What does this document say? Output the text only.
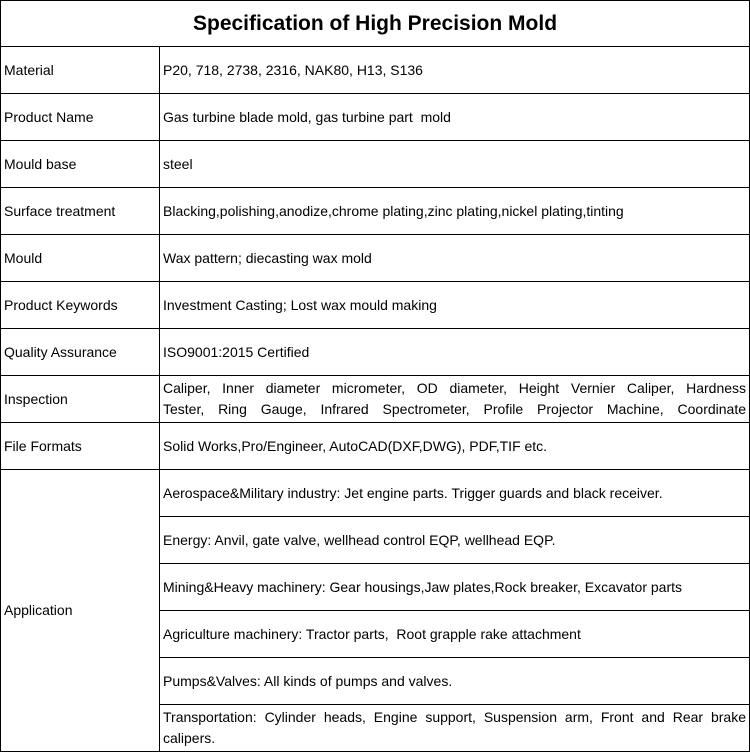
Specification of High Precision Mold	
Material	P20, 718, 2738, 2316, NAK80, H13, S136
Product Name	Gas turbine blade mold, gas turbine part  mold
Mould base	steel
Surface treatment	Blacking,polishing,anodize,chrome plating,zinc plating,nickel plating,tinting
Mould	Wax pattern; diecasting wax mold
Product Keywords	Investment Casting; Lost wax mould making
Quality Assurance	ISO9001:2015 Certified
Inspection	Caliper, Inner diameter micrometer, OD diameter, Height Vernier Caliper, Hardness
Tester, Ring Gauge, Infrared Spectrometer, Profile Projector Machine, Coordinate

File Formats	Solid Works,Pro/Engineer, AutoCAD(DXF,DWG), PDF,TIF etc.
Application	Aerospace&Military industry: Jet engine parts. Trigger guards and black receiver.
	Energy: Anvil, gate valve, wellhead control EQP, wellhead EQP.
	Mining&Heavy machinery: Gear housings,Jaw plates,Rock breaker, Excavator parts
	Agriculture machinery: Tractor parts,  Root grapple rake attachment
	Pumps&Valves: All kinds of pumps and valves.

	Transportation: Cylinder heads, Engine support, Suspension arm, Front and Rear brake
calipers.
